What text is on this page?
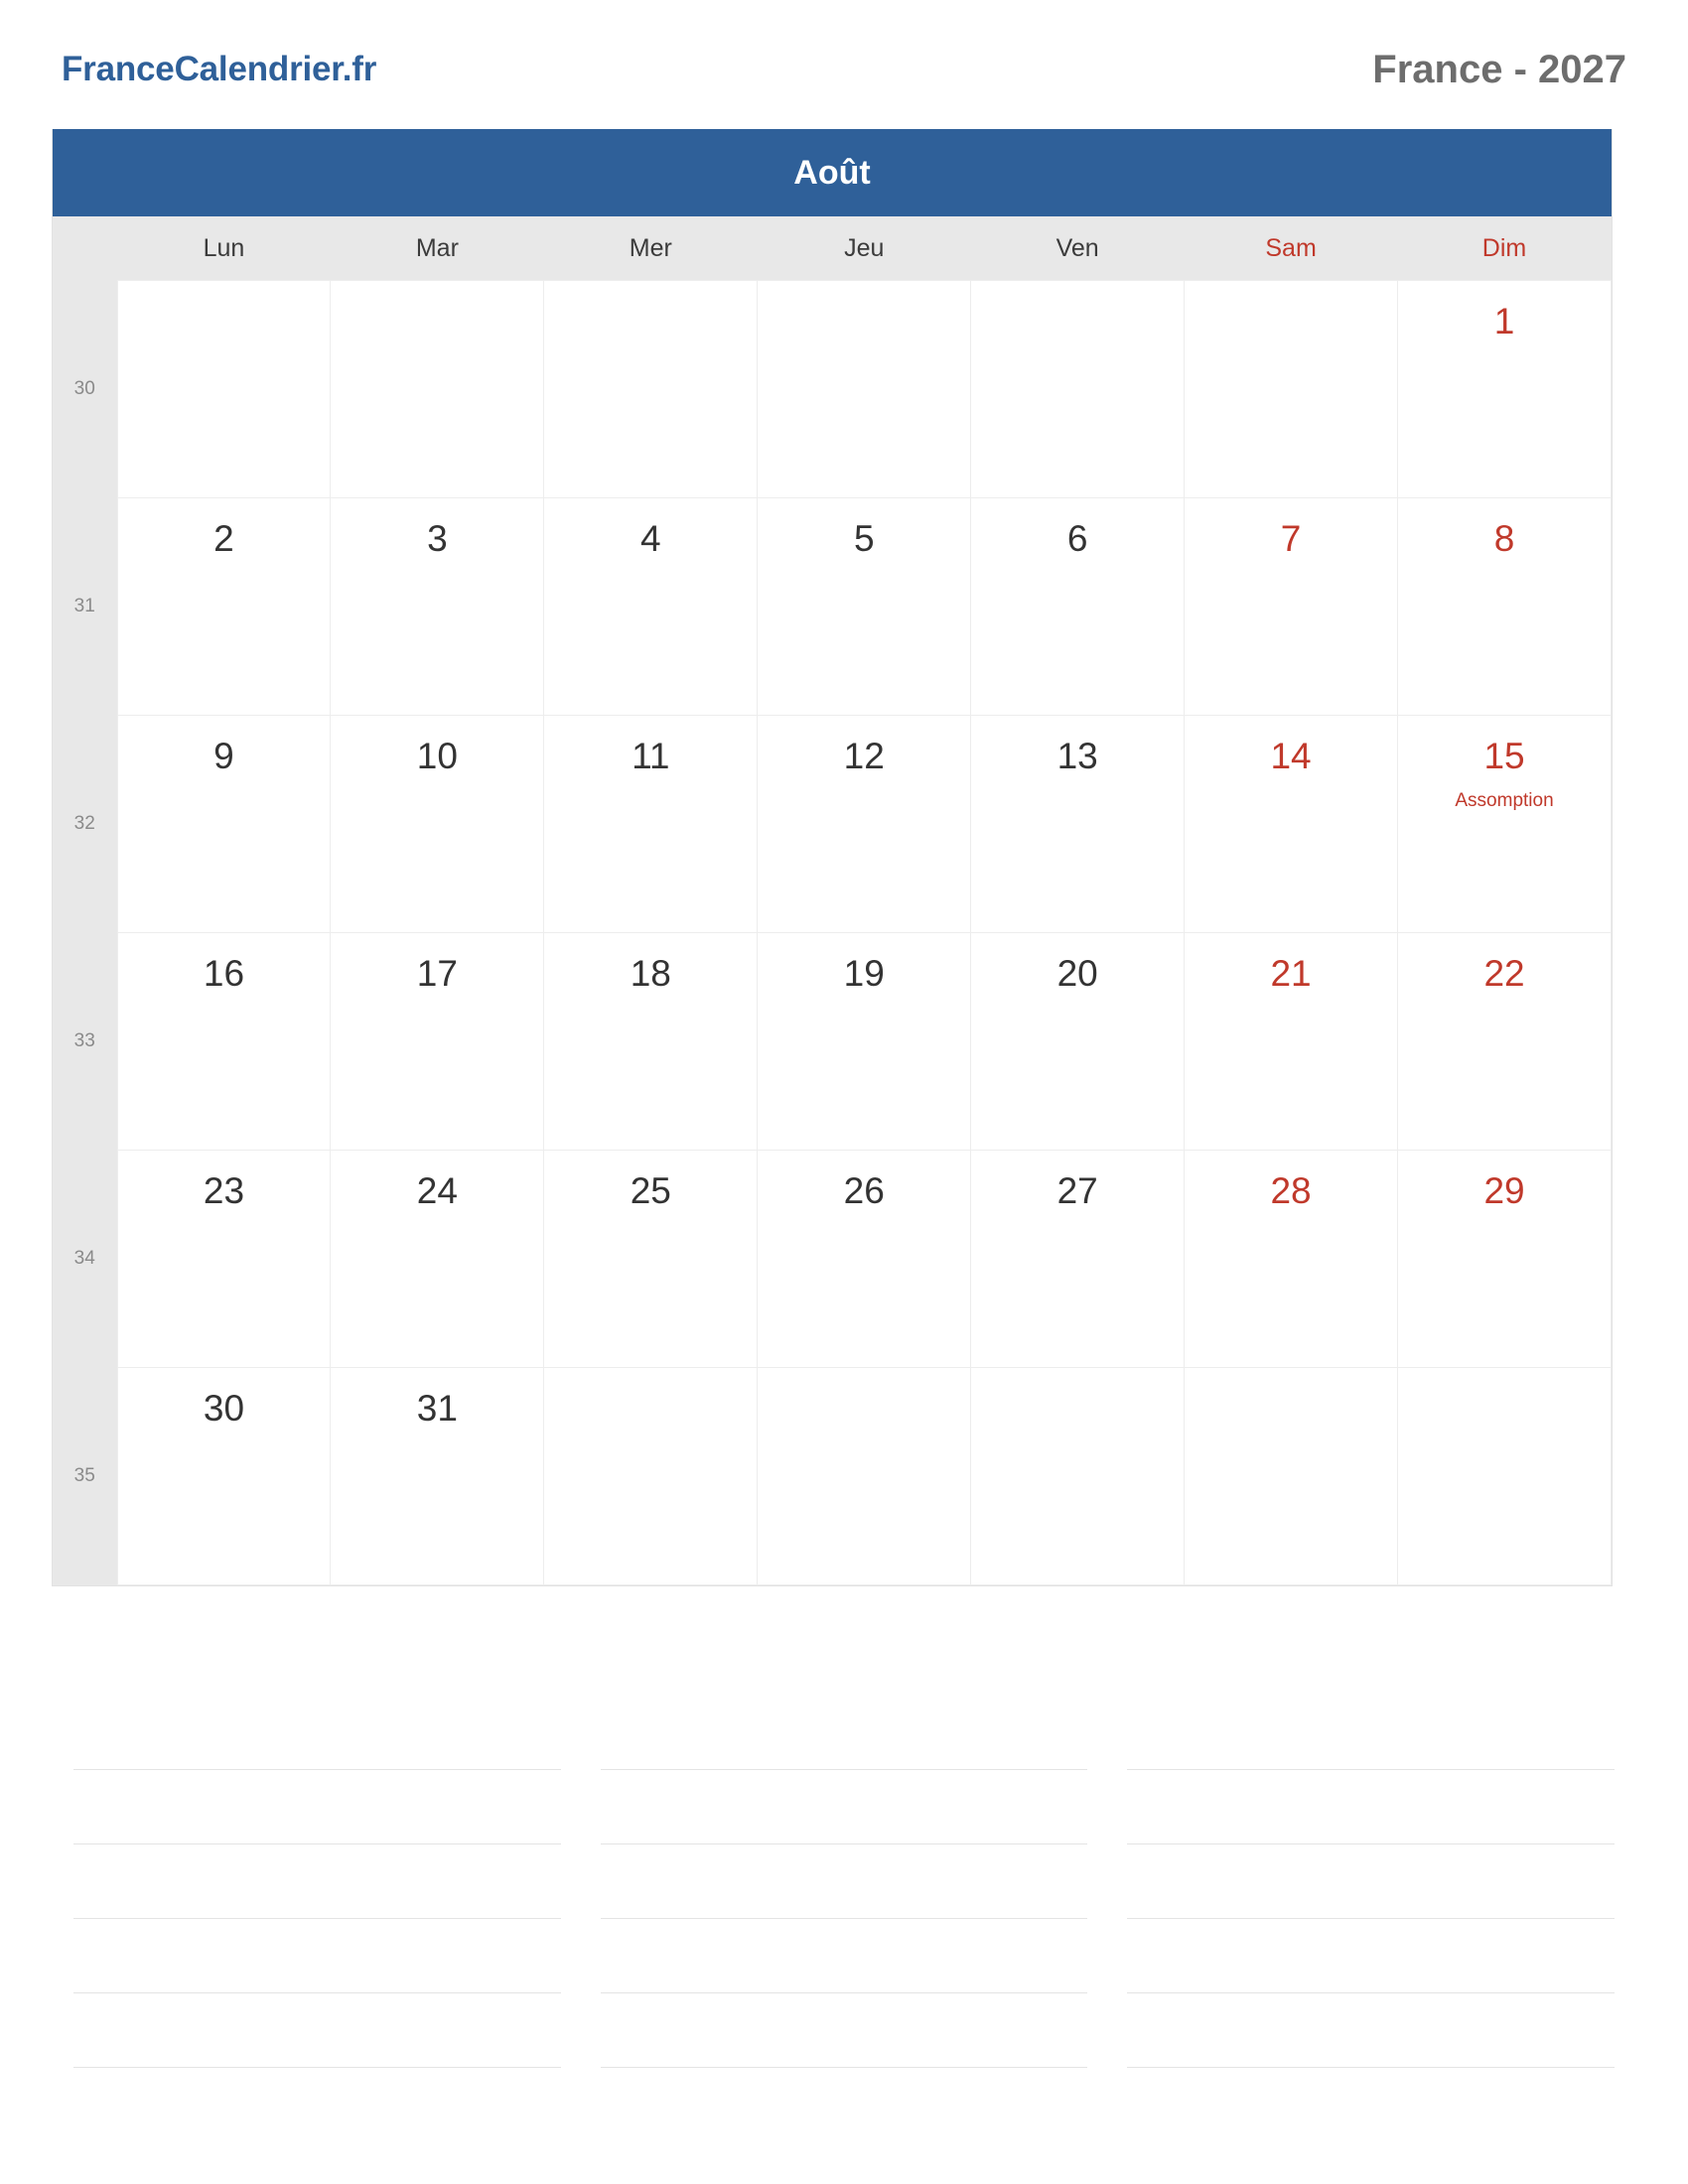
FranceCalendrier.fr	France - 2027
Août
	Lun	Mar	Mer	Jeu	Ven	Sam	Dim
30							1

31	2	3	4	5	6	7	8

32	9	10	11	12	13	14	15
Assomption

33	16	17	18	19	20	21	22

34	23	24	25	26	27	28	29

35	30	31					
